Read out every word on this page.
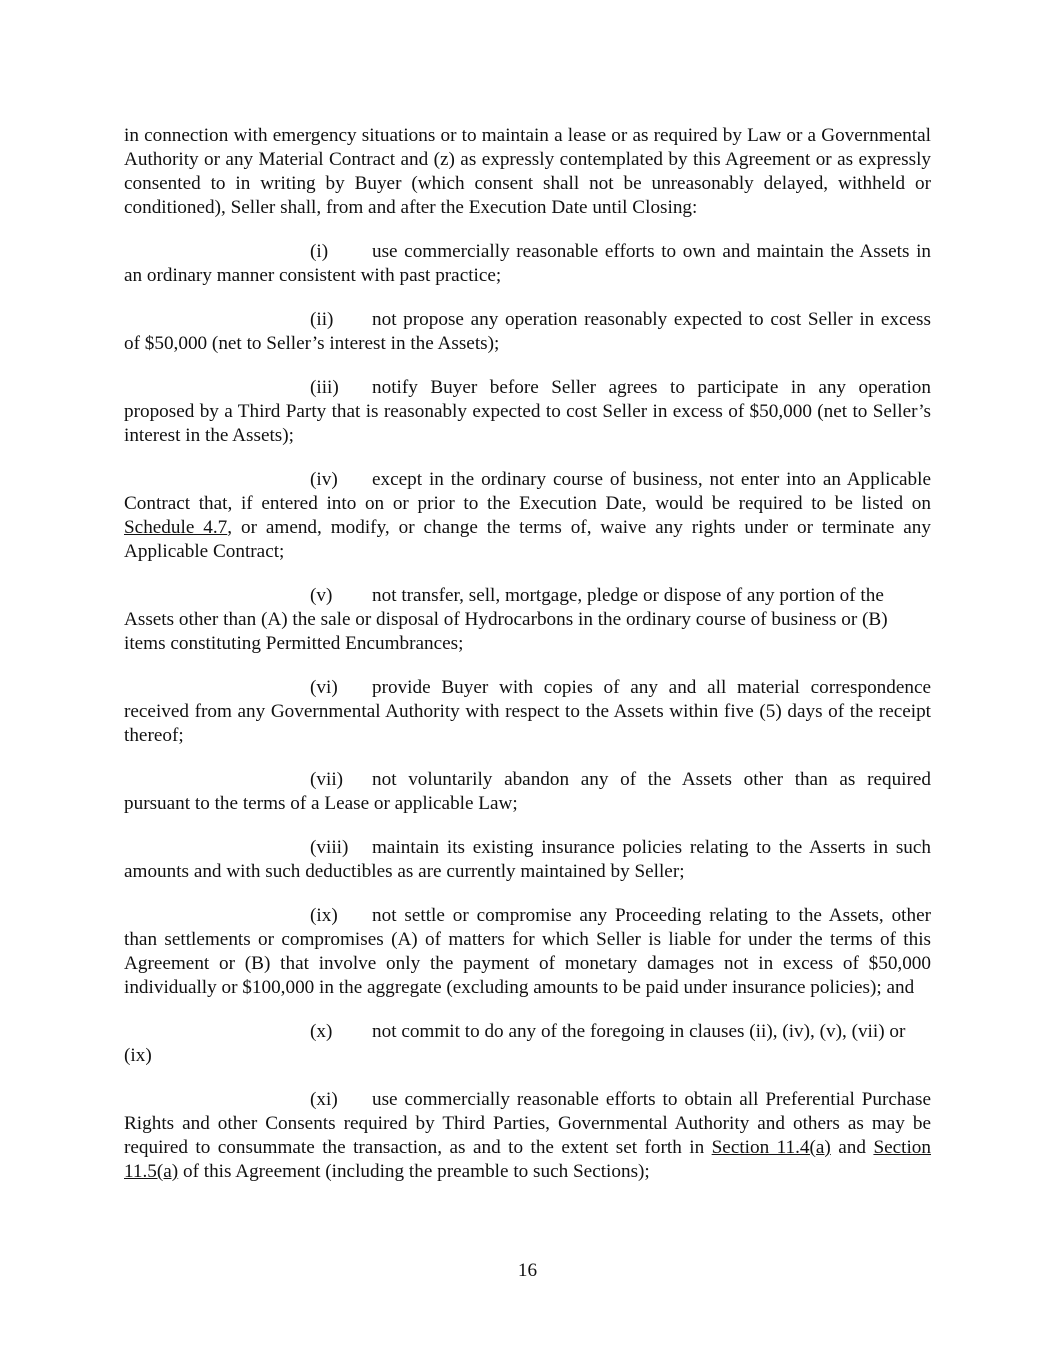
in connection with emergency situations or to maintain a lease or as required by Law or a Governmental Authority or any Material Contract and (z) as expressly contemplated by this Agreement or as expressly consented to in writing by Buyer (which consent shall not be unreasonably delayed, withheld or conditioned), Seller shall, from and after the Execution Date until Closing:

(i) use commercially reasonable efforts to own and maintain the Assets in an ordinary manner consistent with past practice;

(ii) not propose any operation reasonably expected to cost Seller in excess of $50,000 (net to Seller’s interest in the Assets);

(iii) notify Buyer before Seller agrees to participate in any operation proposed by a Third Party that is reasonably expected to cost Seller in excess of $50,000 (net to Seller’s interest in the Assets);

(iv) except in the ordinary course of business, not enter into an Applicable Contract that, if entered into on or prior to the Execution Date, would be required to be listed on Schedule 4.7, or amend, modify, or change the terms of, waive any rights under or terminate any Applicable Contract;

(v) not transfer, sell, mortgage, pledge or dispose of any portion of the Assets other than (A) the sale or disposal of Hydrocarbons in the ordinary course of business or (B) items constituting Permitted Encumbrances;

(vi) provide Buyer with copies of any and all material correspondence received from any Governmental Authority with respect to the Assets within five (5) days of the receipt thereof;

(vii) not voluntarily abandon any of the Assets other than as required pursuant to the terms of a Lease or applicable Law;

(viii) maintain its existing insurance policies relating to the Asserts in such amounts and with such deductibles as are currently maintained by Seller;

(ix) not settle or compromise any Proceeding relating to the Assets, other than settlements or compromises (A) of matters for which Seller is liable for under the terms of this Agreement or (B) that involve only the payment of monetary damages not in excess of $50,000 individually or $100,000 in the aggregate (excluding amounts to be paid under insurance policies); and

(x) not commit to do any of the foregoing in clauses (ii), (iv), (v), (vii) or (ix)

(xi) use commercially reasonable efforts to obtain all Preferential Purchase Rights and other Consents required by Third Parties, Governmental Authority and others as may be required to consummate the transaction, as and to the extent set forth in Section 11.4(a) and Section 11.5(a) of this Agreement (including the preamble to such Sections);

16
